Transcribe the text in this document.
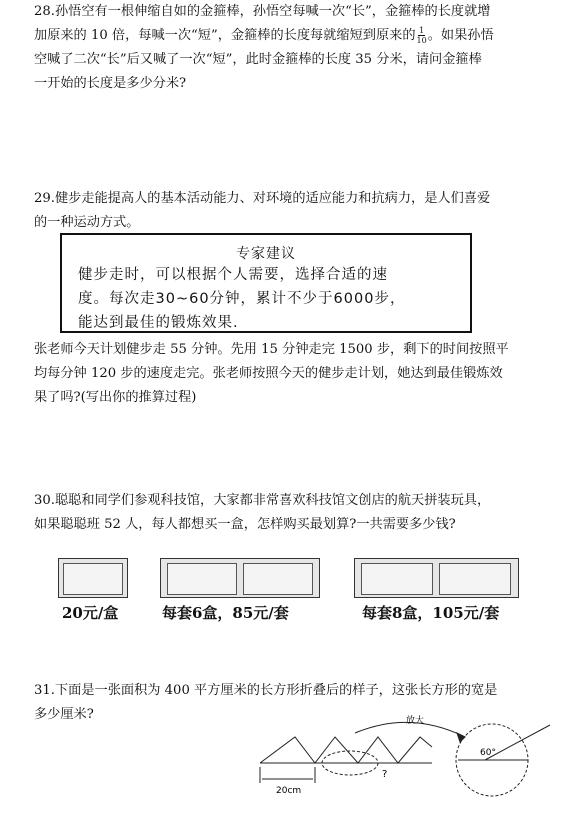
28.孙悟空有一根伸缩自如的金箍棒，孙悟空每喊一次“长”，金箍棒的长度就增
加原来的 10 倍，每喊一次“短”，金箍棒的长度每就缩短到原来的 $\frac{1}{10}$ 。如果孙悟
空喊了二次“长”后又喊了一次“短”，此时金箍棒的长度 35 分米，请问金箍棒
一开始的长度是多少分米?
29.健步走能提高人的基本活动能力、对环境的适应能力和抗病力，是人们喜爱
的一种运动方式。
专家建议
健步走时，可以根据个人需要，选择合适的速
度。每次走30~60分钟，累计不少于6000步，
能达到最佳的锻炼效果.
张老师今天计划健步走 55 分钟。先用 15 分钟走完 1500 步，剩下的时间按照平
均每分钟 120 步的速度走完。张老师按照今天的健步走计划，她达到最佳锻炼效
果了吗?(写出你的推算过程)
30.聪聪和同学们参观科技馆，大家都非常喜欢科技馆文创店的航天拼装玩具，
如果聪聪班 52 人，每人都想买一盒，怎样购买最划算?一共需要多少钱?
20元/盒	每套6盒，85元/套	每套8盒，105元/套
31.下面是一张面积为 400 平方厘米的长方形折叠后的样子，这张长方形的宽是
多少厘米?	放大
20cm
?
60°
